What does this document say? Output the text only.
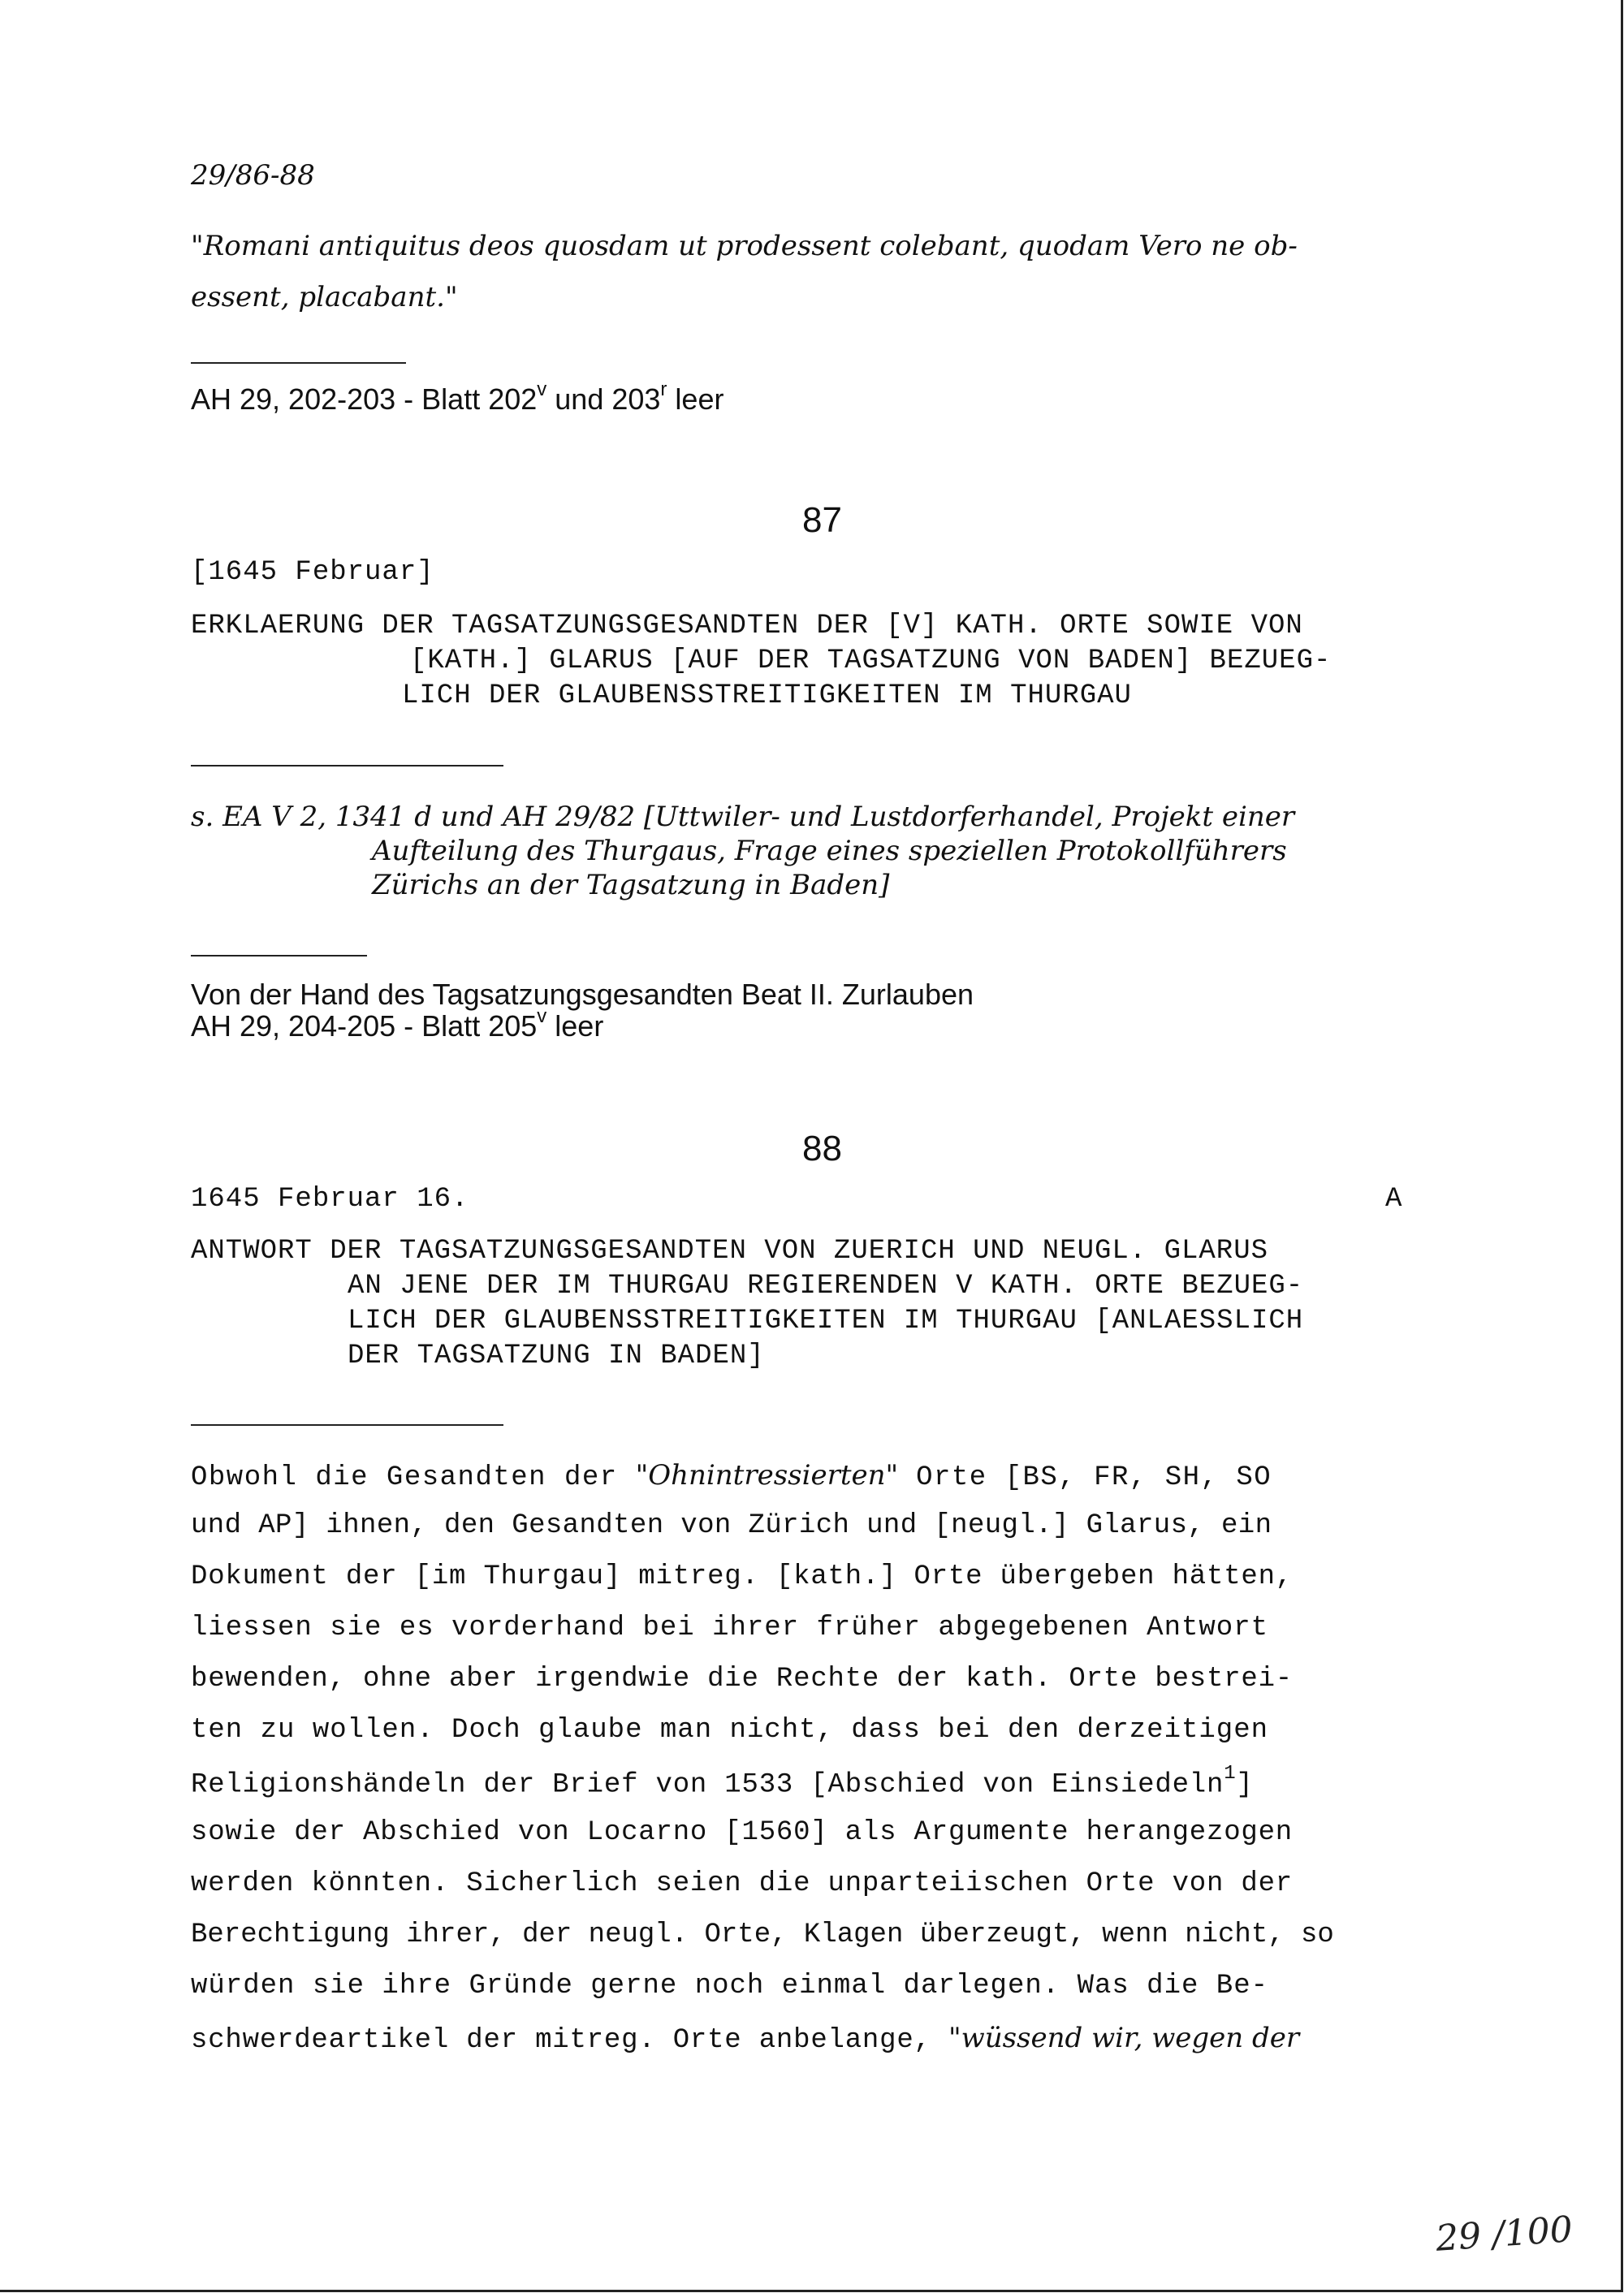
29/86-88
"Romani antiquitus deos quosdam ut prodessent colebant, quodam Vero ne ob-
essent, placabant."
AH 29, 202-203 - Blatt 202$^v$ und 203$^r$ leer
87
[1645 Februar]
ERKLAERUNG DER TAGSATZUNGSGESANDTEN DER [V] KATH. ORTE SOWIE VON
[KATH.] GLARUS [AUF DER TAGSATZUNG VON BADEN] BEZUEG-
LICH DER GLAUBENSSTREITIGKEITEN IM THURGAU
s. EA V 2, 1341 d und AH 29/82 [Uttwiler- und Lustdorferhandel, Projekt einer
Aufteilung des Thurgaus, Frage eines speziellen Protokollführers
Zürichs an der Tagsatzung in Baden]
Von der Hand des Tagsatzungsgesandten Beat II. Zurlauben
AH 29, 204-205 - Blatt 205$^v$ leer
88
1645 Februar 16.	A
ANTWORT DER TAGSATZUNGSGESANDTEN VON ZUERICH UND NEUGL. GLARUS
AN JENE DER IM THURGAU REGIERENDEN V KATH. ORTE BEZUEG-
LICH DER GLAUBENSSTREITIGKEITEN IM THURGAU [ANLAESSLICH
DER TAGSATZUNG IN BADEN]
Obwohl die Gesandten der "Ohnintressierten" Orte [BS, FR, SH, SO
und AP] ihnen, den Gesandten von Zürich und [neugl.] Glarus, ein
Dokument der [im Thurgau] mitreg. [kath.] Orte übergeben hätten,
liessen sie es vorderhand bei ihrer früher abgegebenen Antwort
bewenden, ohne aber irgendwie die Rechte der kath. Orte bestrei-
ten zu wollen. Doch glaube man nicht, dass bei den derzeitigen
Religionshändeln der Brief von 1533 [Abschied von Einsiedeln$^1$]
sowie der Abschied von Locarno [1560] als Argumente herangezogen
werden könnten. Sicherlich seien die unparteiischen Orte von der
Berechtigung ihrer, der neugl. Orte, Klagen überzeugt, wenn nicht, so
würden sie ihre Gründe gerne noch einmal darlegen. Was die Be-
schwerdeartikel der mitreg. Orte anbelange, "wüssend wir, wegen der
29 /100
